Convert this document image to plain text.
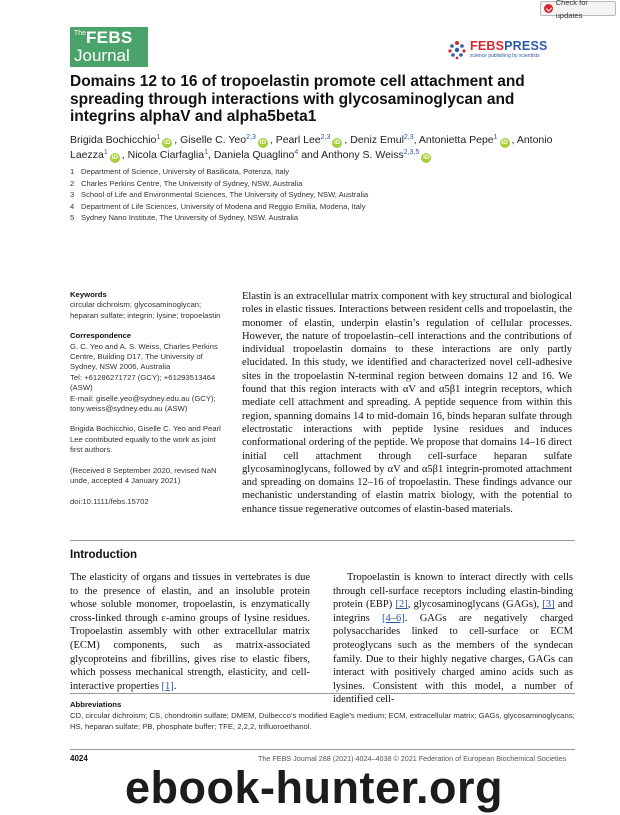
Check for updates
The FEBS
Journal	FEBSPRESS
science publishing by scientists
Domains 12 to 16 of tropoelastin promote cell attachment and spreading through interactions with glycosaminoglycan and integrins alphaV and alpha5beta1
Brigida Bochicchio$^1$iD , Giselle C. Yeo$^{2,3}$iD , Pearl Lee$^{2,3}$iD , Deniz Emul$^{2,3}$, Antonietta Pepe$^1$iD , Antonio Laezza$^1$iD , Nicola Ciarfaglia$^1$, Daniela Quaglino$^4$ and Anthony S. Weiss$^{2,3,5}$iD
1 Department of Science, University of Basilicata, Potenza, Italy
2 Charles Perkins Centre, The University of Sydney, NSW, Australia
3 School of Life and Environmental Sciences, The University of Sydney, NSW, Australia
4 Department of Life Sciences, University of Modena and Reggio Emilia, Modena, Italy
5 Sydney Nano Institute, The University of Sydney, NSW, Australia
Keywords
circular dichroism; glycosaminoglycan; heparan sulfate; integrin; lysine; tropoelastin
Correspondence
G. C. Yeo and A. S. Weiss, Charles Perkins Centre, Building D17, The University of Sydney, NSW 2006, Australia
Tel: +61286271727 (GCY); +61293513464 (ASW)
E-mail: giselle.yeo@sydney.edu.au (GCY); tony.weiss@sydney.edu.au (ASW)
Brigida Bochicchio, Giselle C. Yeo and Pearl Lee contributed equally to the work as joint first authors.
(Received 8 September 2020, revised NaN unde, accepted 4 January 2021)
doi:10.1111/febs.15702

Elastin is an extracellular matrix component with key structural and biological roles in elastic tissues. Interactions between resident cells and tropoelastin, the monomer of elastin, underpin elastin’s regulation of cellular processes. However, the nature of tropoelastin–cell interactions and the contributions of individual tropoelastin domains to these interactions are only partly elucidated. In this study, we identified and characterized novel cell-adhesive sites in the tropoelastin N-terminal region between domains 12 and 16. We found that this region interacts with αV and α5β1 integrin receptors, which mediate cell attachment and spreading. A peptide sequence from within this region, spanning domains 14 to mid-domain 16, binds heparan sulfate through electrostatic interactions with peptide lysine residues and induces conformational ordering of the peptide. We propose that domains 14–16 direct initial cell attachment through cell-surface heparan sulfate glycosaminoglycans, followed by αV and α5β1 integrin-promoted attachment and spreading on domains 12–16 of tropoelastin. These findings advance our mechanistic understanding of elastin matrix biology, with the potential to enhance tissue regenerative outcomes of elastin-based materials.

Introduction

The elasticity of organs and tissues in vertebrates is due to the presence of elastin, and an insoluble protein whose soluble monomer, tropoelastin, is enzymatically cross-linked through ε-amino groups of lysine residues. Tropoelastin assembly with other extracellular matrix (ECM) components, such as matrix-associated glycoproteins and fibrillins, gives rise to elastic fibers, which possess mechanical strength, elasticity, and cell-interactive properties [1].

Tropoelastin is known to interact directly with cells through cell-surface receptors including elastin-binding protein (EBP) [2], glycosaminoglycans (GAGs), [3] and integrins [4–6]. GAGs are negatively charged polysaccharides linked to cell-surface or ECM proteoglycans such as the members of the syndecan family. Due to their highly negative charges, GAGs can interact with positively charged amino acids such as lysines. Consistent with this model, a number of identified cell-

Abbreviations
CD, circular dichroism; CS, chondroitin sulfate; DMEM, Dulbecco’s modified Eagle’s medium; ECM, extracellular matrix; GAGs, glycosaminoglycans; HS, heparan sulfate; PB, phosphate buffer; TFE, 2,2,2, trifluoroethanol.
4024	The FEBS Journal 288 (2021) 4024–4038 © 2021 Federation of European Biochemical Societies
ebook-hunter.org
